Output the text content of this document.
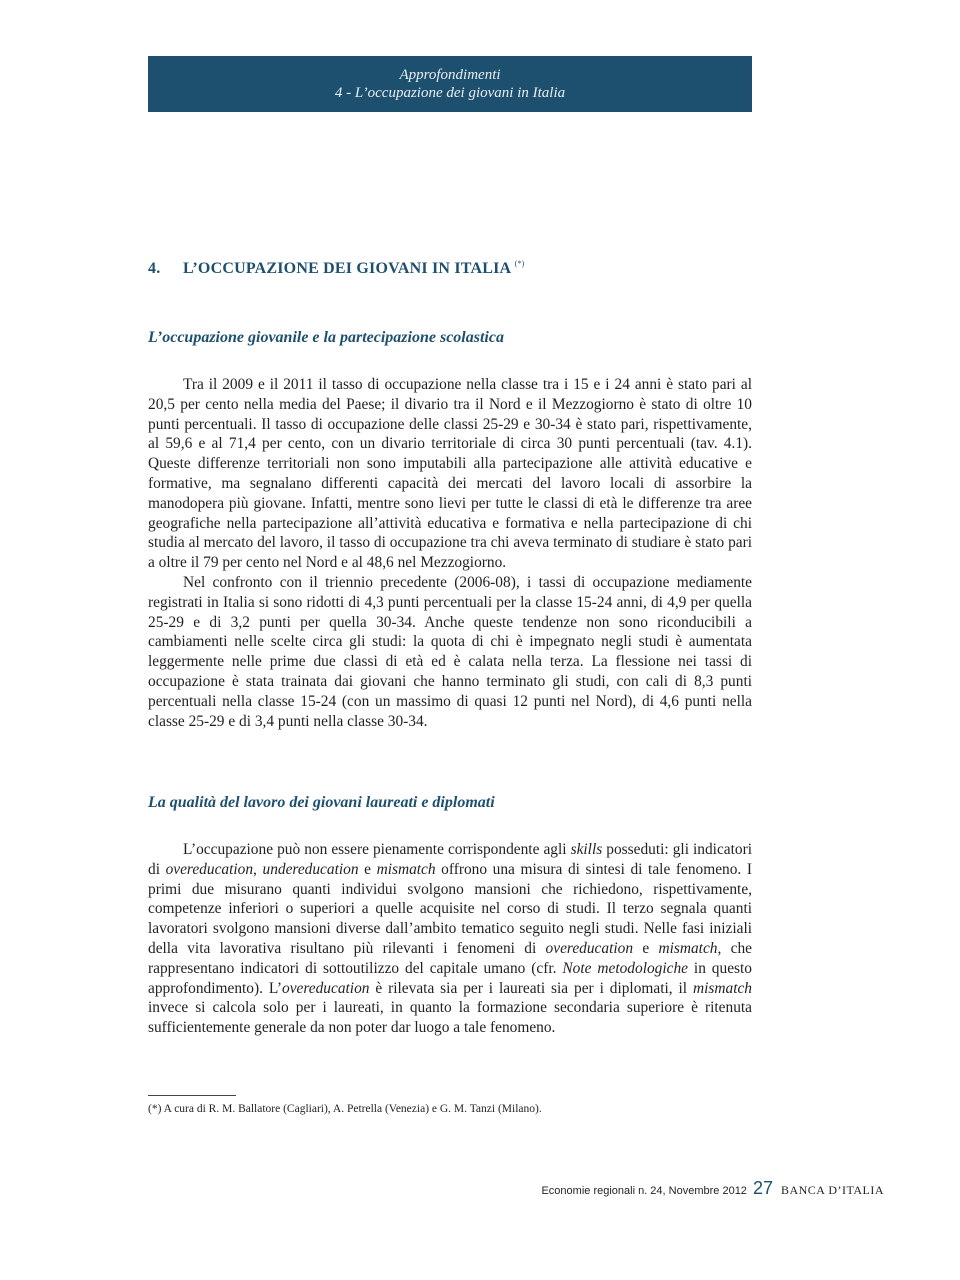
Approfondimenti
4 - L’occupazione dei giovani in Italia
4. L’OCCUPAZIONE DEI GIOVANI IN ITALIA (*)
L’occupazione giovanile e la partecipazione scolastica

Tra il 2009 e il 2011 il tasso di occupazione nella classe tra i 15 e i 24 anni è stato pari al 20,5 per cento nella media del Paese; il divario tra il Nord e il Mezzogiorno è stato di oltre 10 punti percentuali. Il tasso di occupazione delle classi 25-29 e 30-34 è stato pari, rispettivamente, al 59,6 e al 71,4 per cento, con un divario territoriale di circa 30 punti percentuali (tav. 4.1). Queste differenze territoriali non sono imputabili alla partecipazione alle attività educative e formative, ma segnalano differenti capacità dei mercati del lavoro locali di assorbire la manodopera più giovane. Infatti, mentre sono lievi per tutte le classi di età le differenze tra aree geografiche nella partecipazione all’attività educativa e formativa e nella partecipazione di chi studia al mercato del lavoro, il tasso di occupazione tra chi aveva terminato di studiare è stato pari a oltre il 79 per cento nel Nord e al 48,6 nel Mezzogiorno.

Nel confronto con il triennio precedente (2006-08), i tassi di occupazione mediamente registrati in Italia si sono ridotti di 4,3 punti percentuali per la classe 15-24 anni, di 4,9 per quella 25-29 e di 3,2 punti per quella 30-34. Anche queste tendenze non sono riconducibili a cambiamenti nelle scelte circa gli studi: la quota di chi è impegnato negli studi è aumentata leggermente nelle prime due classi di età ed è calata nella terza. La flessione nei tassi di occupazione è stata trainata dai giovani che hanno terminato gli studi, con cali di 8,3 punti percentuali nella classe 15-24 (con un massimo di quasi 12 punti nel Nord), di 4,6 punti nella classe 25-29 e di 3,4 punti nella classe 30-34.

La qualità del lavoro dei giovani laureati e diplomati

L’occupazione può non essere pienamente corrispondente agli skills posseduti: gli indicatori di overeducation, undereducation e mismatch offrono una misura di sintesi di tale fenomeno. I primi due misurano quanti individui svolgono mansioni che richiedono, rispettivamente, competenze inferiori o superiori a quelle acquisite nel corso di studi. Il terzo segnala quanti lavoratori svolgono mansioni diverse dall’ambito tematico seguito negli studi. Nelle fasi iniziali della vita lavorativa risultano più rilevanti i fenomeni di overeducation e mismatch, che rappresentano indicatori di sottoutilizzo del capitale umano (cfr. Note metodologiche in questo approfondimento). L’overeducation è rilevata sia per i laureati sia per i diplomati, il mismatch invece si calcola solo per i laureati, in quanto la formazione secondaria superiore è ritenuta sufficientemente generale da non poter dar luogo a tale fenomeno.

(*) A cura di R. M. Ballatore (Cagliari), A. Petrella (Venezia) e G. M. Tanzi (Milano).

Economie regionali n. 24, Novembre 2012 27 BANCA D’ITALIA
